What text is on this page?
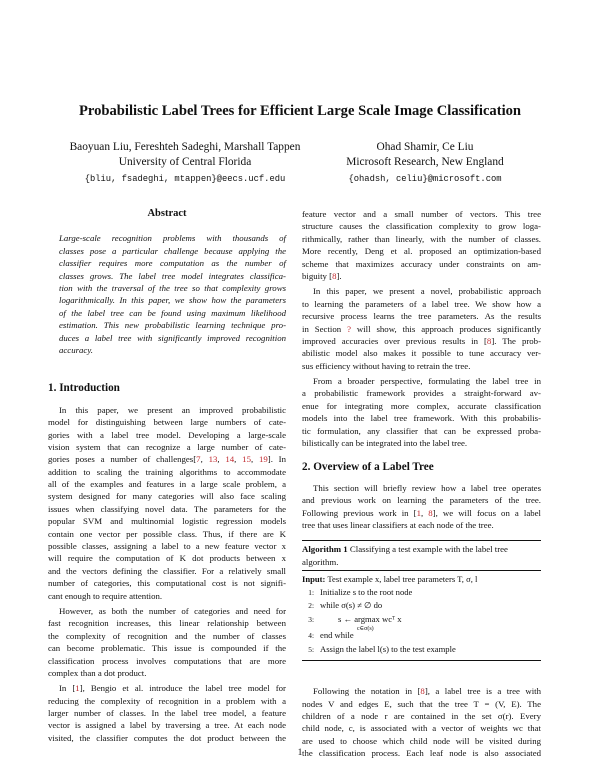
Probabilistic Label Trees for Efficient Large Scale Image Classification
Baoyuan Liu, Fereshteh Sadeghi, Marshall Tappen
University of Central Florida
{bliu, fsadeghi, mtappen}@eecs.ucf.edu
Ohad Shamir, Ce Liu
Microsoft Research, New England
{ohadsh, celiu}@microsoft.com
Abstract
Large-scale recognition problems with thousands of
classes pose a particular challenge because applying the
classifier requires more computation as the number of
classes grows. The label tree model integrates classifica-
tion with the traversal of the tree so that complexity grows
logarithmically. In this paper, we show how the parameters
of the label tree can be found using maximum likelihood
estimation. This new probabilistic learning technique pro-
duces a label tree with significantly improved recognition
accuracy.
1. Introduction
In this paper, we present an improved probabilistic
model for distinguishing between large numbers of cate-
gories with a label tree model. Developing a large-scale
vision system that can recognize a large number of cate-
gories poses a number of challenges[7, 13, 14, 15, 19]. In
addition to scaling the training algorithms to accommodate
all of the examples and features in a large scale problem, a
system designed for many categories will also face scaling
issues when classifying novel data. The parameters for the
popular SVM and multinomial logistic regression models
contain one vector per possible class. Thus, if there are K
possible classes, assigning a label to a new feature vector x
will require the computation of K dot products between x
and the vectors defining the classifier. For a relatively small
number of categories, this computational cost is not signifi-
cant enough to require attention.
However, as both the number of categories and need for
fast recognition increases, this linear relationship between
the complexity of recognition and the number of classes
can become problematic. This issue is compounded if the
classification process involves computations that are more
complex than a dot product.
In [1], Bengio et al. introduce the label tree model for
reducing the complexity of recognition in a problem with a
larger number of classes. In the label tree model, a feature
vector is assigned a label by traversing a tree. At each node
visited, the classifier computes the dot product between the
feature vector and a small number of vectors. This tree
structure causes the classification complexity to grow loga-
rithmically, rather than linearly, with the number of classes.
More recently, Deng et al. proposed an optimization-based
scheme that maximizes accuracy under constraints on am-
biguity [8].
In this paper, we present a novel, probabilistic approach
to learning the parameters of a label tree. We show how a
recursive process learns the tree parameters. As the results
in Section ? will show, this approach produces significantly
improved accuracies over previous results in [8]. The prob-
abilistic model also makes it possible to tune accuracy ver-
sus efficiency without having to retrain the tree.
From a broader perspective, formulating the label tree in
a probabilistic framework provides a straight-forward av-
enue for integrating more complex, accurate classification
models into the label tree framework. With this probabilis-
tic formulation, any classifier that can be expressed proba-
bilistically can be integrated into the label tree.
2. Overview of a Label Tree
This section will briefly review how a label tree operates
and previous work on learning the parameters of the tree.
Following previous work in [1, 8], we will focus on a label
tree that uses linear classifiers at each node of the tree.
Algorithm 1 Classifying a test example with the label tree algorithm.
Input: Test example x, label tree parameters T, σ, l
1: Initialize s to the root node
2: while σ(s) ≠ ∅ do
3:	s ← argmax wcᵀ x
c∈σ(s)
4: end while
5: Assign the label l(s) to the test example
Following the notation in [8], a label tree is a tree with
nodes V and edges E, such that the tree T = (V, E). The
children of a node r are contained in the set σ(r). Every
child node, c, is associated with a vector of weights wc that
are used to choose which child node will be visited during
the classification process. Each leaf node is also associated
1
